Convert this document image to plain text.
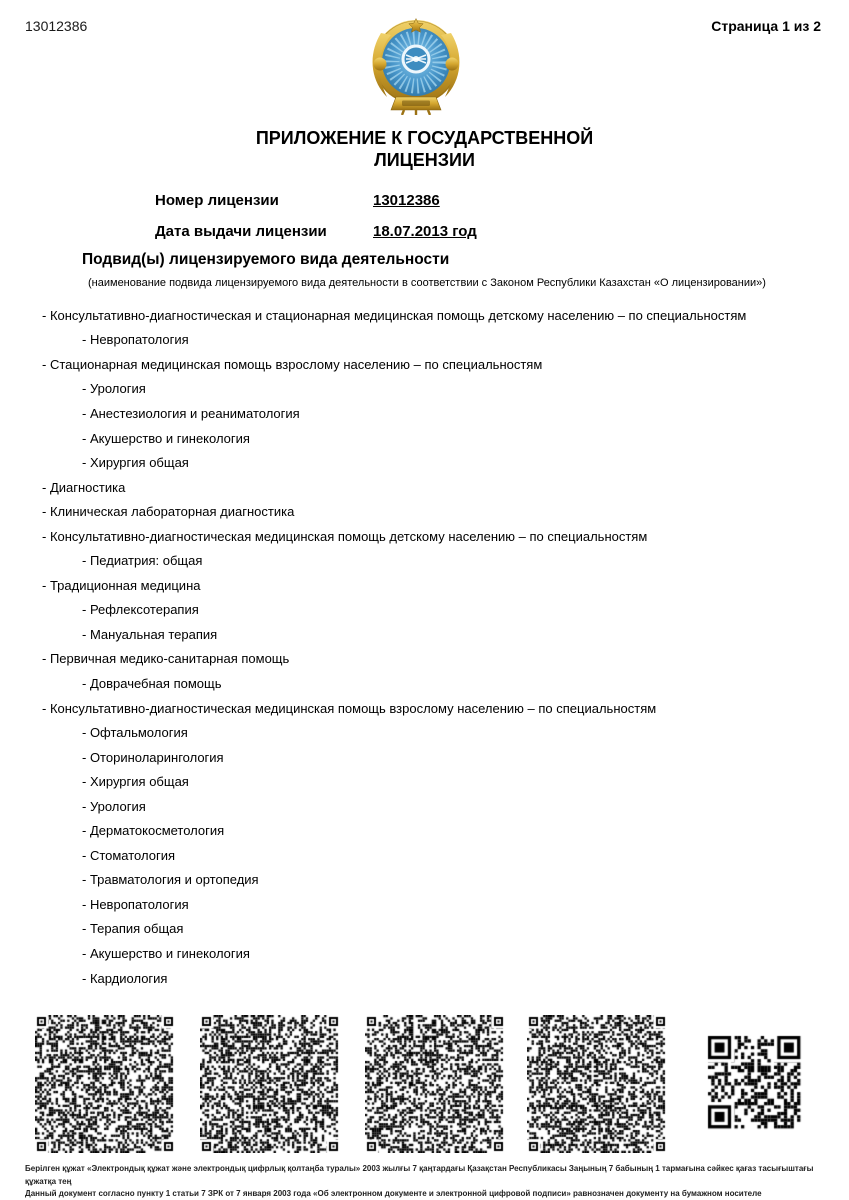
13012386	Страница 1 из 2
ПРИЛОЖЕНИЕ К ГОСУДАРСТВЕННОЙ ЛИЦЕНЗИИ
Номер лицензии	13012386
Дата выдачи лицензии	18.07.2013 год
Подвид(ы) лицензируемого вида деятельности
(наименование подвида лицензируемого вида деятельности в соответствии с Законом Республики Казахстан «О лицензировании»)
- Консультативно-диагностическая и стационарная медицинская помощь детскому населению – по специальностям
- Невропатология
- Стационарная медицинская помощь взрослому населению – по специальностям
- Урология
- Анестезиология и реаниматология
- Акушерство и гинекология
- Хирургия общая
- Диагностика
- Клиническая лабораторная диагностика
- Консультативно-диагностическая медицинская помощь детскому населению – по специальностям
- Педиатрия: общая
- Традиционная медицина
- Рефлексотерапия
- Мануальная терапия
- Первичная медико-санитарная помощь
- Доврачебная помощь
- Консультативно-диагностическая медицинская помощь взрослому населению – по специальностям
- Офтальмология
- Оториноларингология
- Хирургия общая
- Урология
- Дерматокосметология
- Стоматология
- Травматология и ортопедия
- Невропатология
- Терапия общая
- Акушерство и гинекология
- Кардиология
Берілген құжат «Электрондық құжат және электрондық цифрлық қолтаңба туралы» 2003 жылғы 7 қаңтардағы Қазақстан Республикасы Заңының 7 бабының 1 тармағына сәйкес қағаз тасығыштағы құжатқа тең
Данный документ согласно пункту 1 статьи 7 ЗРК от 7 января 2003 года «Об электронном документе и электронной цифровой подписи» равнозначен документу на бумажном носителе
